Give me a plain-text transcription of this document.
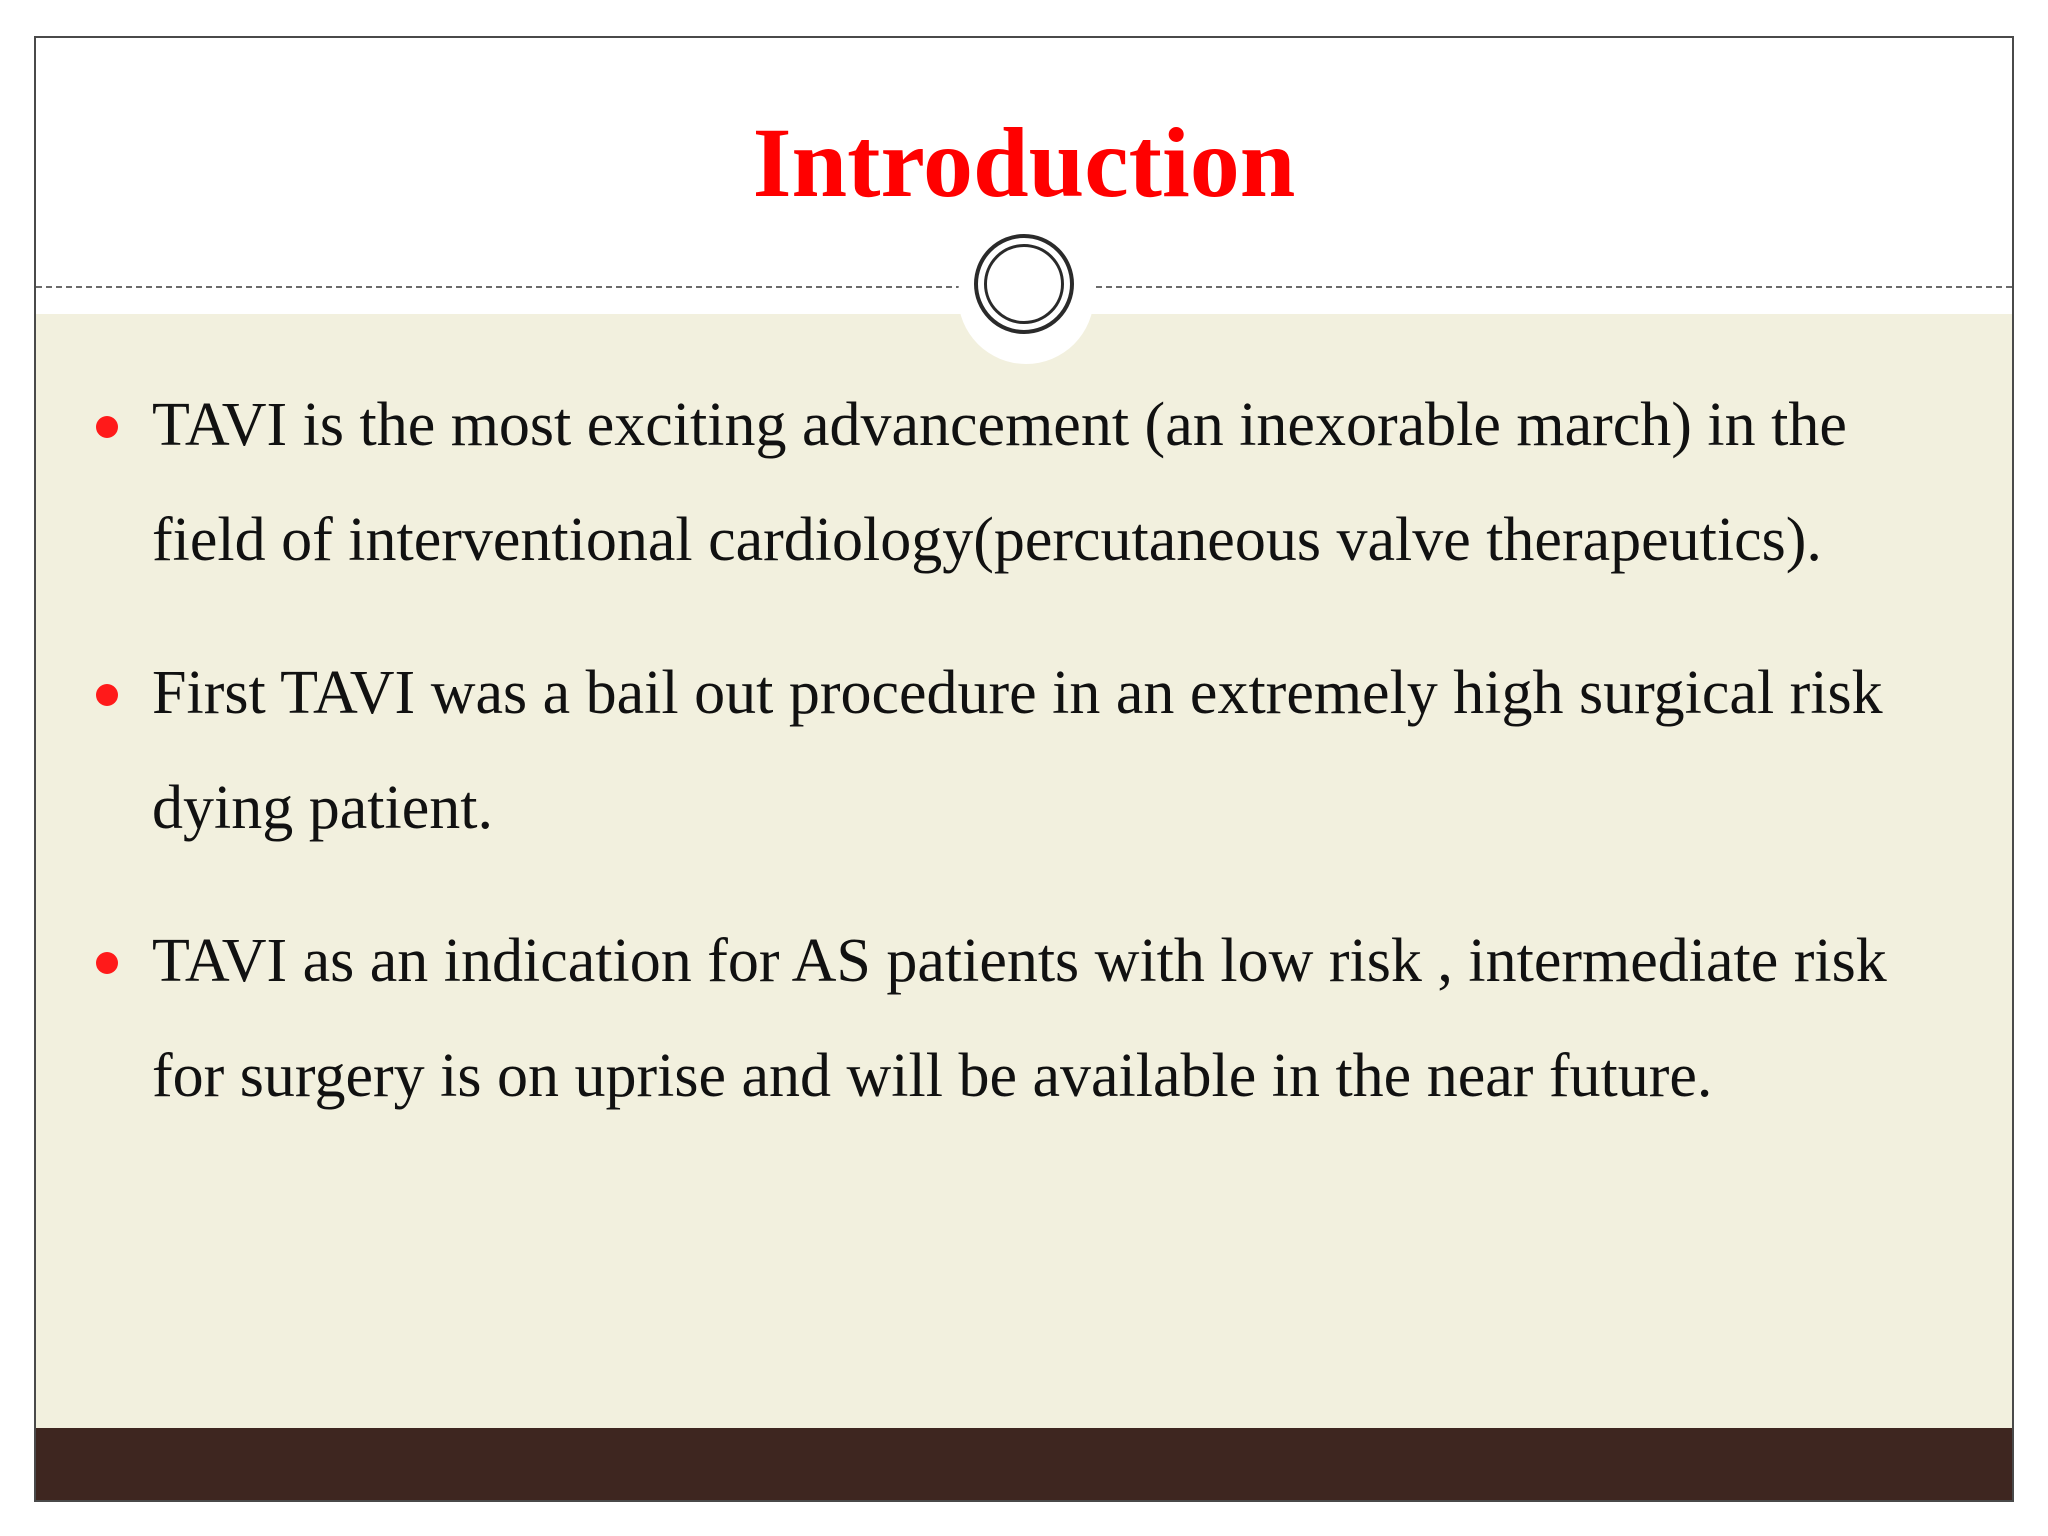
Introduction
TAVI is the most exciting advancement (an inexorable march) in the field of interventional cardiology(percutaneous valve therapeutics).
First TAVI was a bail out procedure in an extremely high surgical risk dying patient.
TAVI as an indication for AS patients with low risk , intermediate risk for surgery is on uprise and will be available in the near future.
